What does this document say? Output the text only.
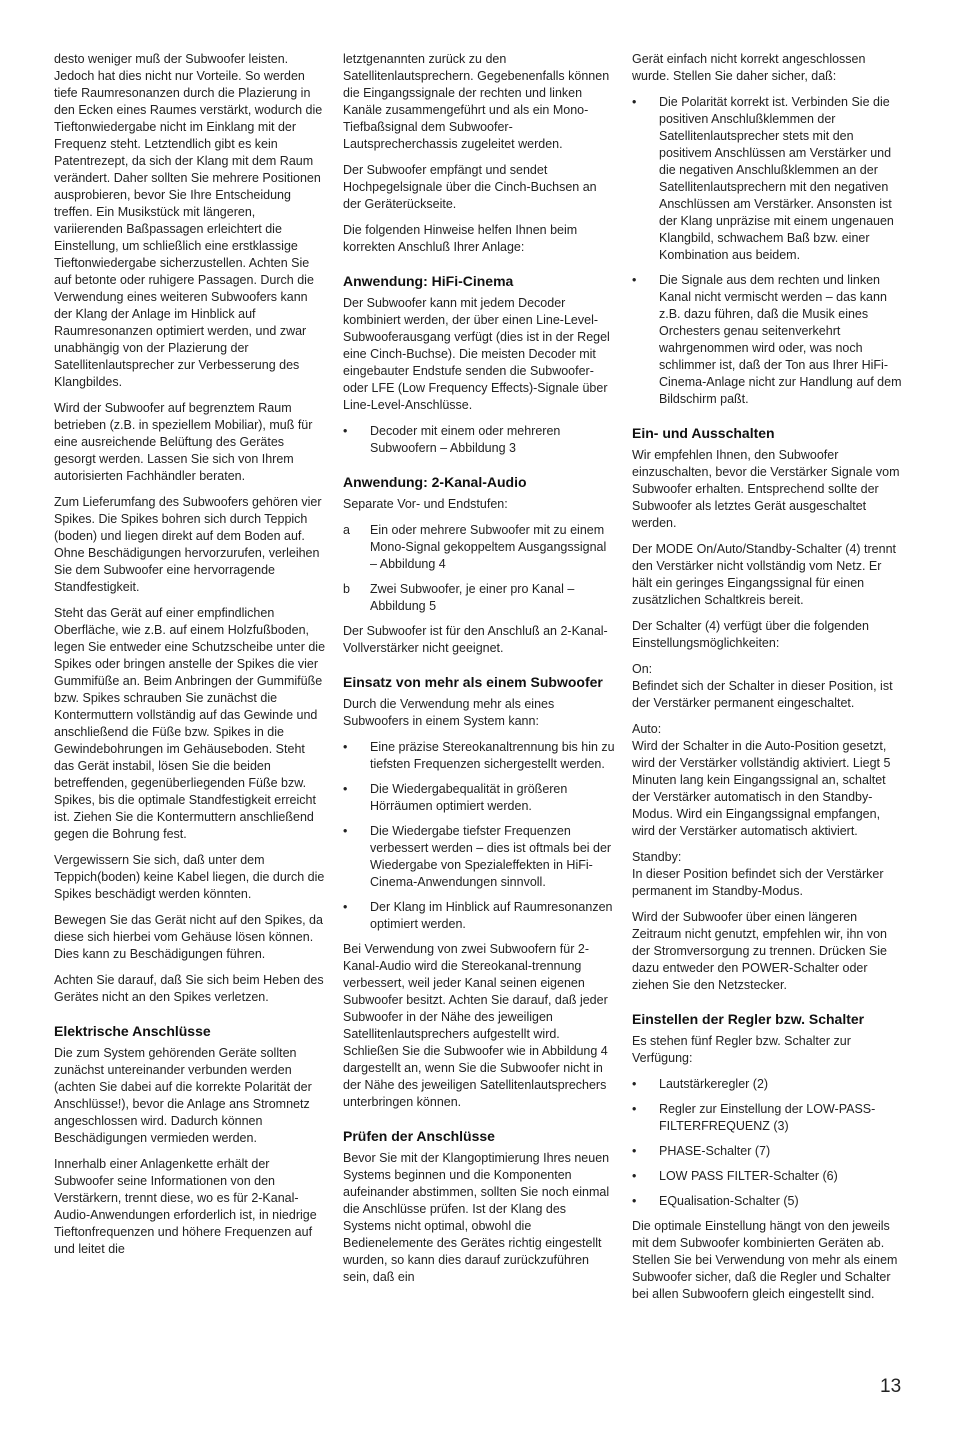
desto weniger muß der Subwoofer leisten. Jedoch hat dies nicht nur Vorteile. So werden tiefe Raumresonanzen durch die Plazierung in den Ecken eines Raumes verstärkt, wodurch die Tieftonwiedergabe nicht im Einklang mit der Frequenz steht. Letztendlich gibt es kein Patentrezept, da sich der Klang mit dem Raum verändert. Daher sollten Sie mehrere Positionen ausprobieren, bevor Sie Ihre Entscheidung treffen. Ein Musikstück mit längeren, variierenden Baßpassagen erleichtert die Einstellung, um schließlich eine erstklassige Tieftonwiedergabe sicherzustellen. Achten Sie auf betonte oder ruhigere Passagen. Durch die Verwendung eines weiteren Subwoofers kann der Klang der Anlage im Hinblick auf Raumresonanzen optimiert werden, und zwar unabhängig von der Plazierung der Satellitenlautsprecher zur Verbesserung des Klangbildes.

Wird der Subwoofer auf begrenztem Raum betrieben (z.B. in speziellem Mobiliar), muß für eine ausreichende Belüftung des Gerätes gesorgt werden. Lassen Sie sich von Ihrem autorisierten Fachhändler beraten.

Zum Lieferumfang des Subwoofers gehören vier Spikes. Die Spikes bohren sich durch Teppich (boden) und liegen direkt auf dem Boden auf. Ohne Beschädigungen hervorzurufen, verleihen Sie dem Subwoofer eine hervorragende Standfestigkeit.

Steht das Gerät auf einer empfindlichen Oberfläche, wie z.B. auf einem Holzfußboden, legen Sie entweder eine Schutzscheibe unter die Spikes oder bringen anstelle der Spikes die vier Gummifüße an. Beim Anbringen der Gummifüße bzw. Spikes schrauben Sie zunächst die Kontermuttern vollständig auf das Gewinde und anschließend die Füße bzw. Spikes in die Gewindebohrungen im Gehäuseboden. Steht das Gerät instabil, lösen Sie die beiden betreffenden, gegenüberliegenden Füße bzw. Spikes, bis die optimale Standfestigkeit erreicht ist. Ziehen Sie die Kontermuttern anschließend gegen die Bohrung fest.

Vergewissern Sie sich, daß unter dem Teppich(boden) keine Kabel liegen, die durch die Spikes beschädigt werden könnten.

Bewegen Sie das Gerät nicht auf den Spikes, da diese sich hierbei vom Gehäuse lösen können. Dies kann zu Beschädigungen führen.

Achten Sie darauf, daß Sie sich beim Heben des Gerätes nicht an den Spikes verletzen.

Elektrische Anschlüsse

Die zum System gehörenden Geräte sollten zunächst untereinander verbunden werden (achten Sie dabei auf die korrekte Polarität der Anschlüsse!), bevor die Anlage ans Stromnetz angeschlossen wird. Dadurch können Beschädigungen vermieden werden.

Innerhalb einer Anlagenkette erhält der Subwoofer seine Informationen von den Verstärkern, trennt diese, wo es für 2-Kanal-Audio-Anwendungen erforderlich ist, in niedrige Tieftonfrequenzen und höhere Frequenzen auf und leitet die

letztgenannten zurück zu den Satellitenlautsprechern. Gegebenenfalls können die Eingangssignale der rechten und linken Kanäle zusammengeführt und als ein Mono-Tiefbaßsignal dem Subwoofer-Lautsprecherchassis zugeleitet werden.

Der Subwoofer empfängt und sendet Hochpegelsignale über die Cinch-Buchsen an der Geräterückseite.

Die folgenden Hinweise helfen Ihnen beim korrekten Anschluß Ihrer Anlage:

Anwendung: HiFi-Cinema

Der Subwoofer kann mit jedem Decoder kombiniert werden, der über einen Line-Level-Subwooferausgang verfügt (dies ist in der Regel eine Cinch-Buchse). Die meisten Decoder mit eingebauter Endstufe senden die Subwoofer- oder LFE (Low Frequency Effects)-Signale über Line-Level-Anschlüsse.

• Decoder mit einem oder mehreren Subwoofern – Abbildung 3
Anwendung: 2-Kanal-Audio

Separate Vor- und Endstufen:

a Ein oder mehrere Subwoofer mit zu einem Mono-Signal gekoppeltem Ausgangssignal – Abbildung 4
b Zwei Subwoofer, je einer pro Kanal – Abbildung 5

Der Subwoofer ist für den Anschluß an 2-Kanal-Vollverstärker nicht geeignet.

Einsatz von mehr als einem Subwoofer

Durch die Verwendung mehr als eines Subwoofers in einem System kann:

• Eine präzise Stereokanaltrennung bis hin zu tiefsten Frequenzen sichergestellt werden.
• Die Wiedergabequalität in größeren Hörräumen optimiert werden.
• Die Wiedergabe tiefster Frequenzen verbessert werden – dies ist oftmals bei der Wiedergabe von Spezialeffekten in HiFi-Cinema-Anwendungen sinnvoll.
• Der Klang im Hinblick auf Raumresonanzen optimiert werden.

Bei Verwendung von zwei Subwoofern für 2-Kanal-Audio wird die Stereokanal-trennung verbessert, weil jeder Kanal seinen eigenen Subwoofer besitzt. Achten Sie darauf, daß jeder Subwoofer in der Nähe des jeweiligen Satellitenlautsprechers aufgestellt wird. Schließen Sie die Subwoofer wie in Abbildung 4 dargestellt an, wenn Sie die Subwoofer nicht in der Nähe des jeweiligen Satellitenlautsprechers unterbringen können.

Prüfen der Anschlüsse

Bevor Sie mit der Klangoptimierung Ihres neuen Systems beginnen und die Komponenten aufeinander abstimmen, sollten Sie noch einmal die Anschlüsse prüfen. Ist der Klang des Systems nicht optimal, obwohl die Bedienelemente des Gerätes richtig eingestellt wurden, so kann dies darauf zurückzuführen sein, daß ein

Gerät einfach nicht korrekt angeschlossen wurde. Stellen Sie daher sicher, daß:

• Die Polarität korrekt ist. Verbinden Sie die positiven Anschlußklemmen der Satellitenlautsprecher stets mit den positivem Anschlüssen am Verstärker und die negativen Anschlußklemmen an der Satellitenlautsprechern mit den negativen Anschlüssen am Verstärker. Ansonsten ist der Klang unpräzise mit einem ungenauen Klangbild, schwachem Baß bzw. einer Kombination aus beidem.
• Die Signale aus dem rechten und linken Kanal nicht vermischt werden – das kann z.B. dazu führen, daß die Musik eines Orchesters genau seitenverkehrt wahrgenommen wird oder, was noch schlimmer ist, daß der Ton aus Ihrer HiFi-Cinema-Anlage nicht zur Handlung auf dem Bildschirm paßt.
Ein- und Ausschalten

Wir empfehlen Ihnen, den Subwoofer einzuschalten, bevor die Verstärker Signale vom Subwoofer erhalten. Entsprechend sollte der Subwoofer als letztes Gerät ausgeschaltet werden.

Der MODE On/Auto/Standby-Schalter (4) trennt den Verstärker nicht vollständig vom Netz. Er hält ein geringes Eingangssignal für einen zusätzlichen Schaltkreis bereit.

Der Schalter (4) verfügt über die folgenden Einstellungsmöglichkeiten:

On:
Befindet sich der Schalter in dieser Position, ist der Verstärker permanent eingeschaltet.

Auto:
Wird der Schalter in die Auto-Position gesetzt, wird der Verstärker vollständig aktiviert. Liegt 5 Minuten lang kein Eingangssignal an, schaltet der Verstärker automatisch in den Standby-Modus. Wird ein Eingangssignal empfangen, wird der Verstärker automatisch aktiviert.

Standby:
In dieser Position befindet sich der Verstärker permanent im Standby-Modus.

Wird der Subwoofer über einen längeren Zeitraum nicht genutzt, empfehlen wir, ihn von der Stromversorgung zu trennen. Drücken Sie dazu entweder den POWER-Schalter oder ziehen Sie den Netzstecker.

Einstellen der Regler bzw. Schalter

Es stehen fünf Regler bzw. Schalter zur Verfügung:

• Lautstärkeregler (2)
• Regler zur Einstellung der LOW-PASS-FILTERFREQUENZ (3)
• PHASE-Schalter (7)
• LOW PASS FILTER-Schalter (6)
• EQualisation-Schalter (5)

Die optimale Einstellung hängt von den jeweils mit dem Subwoofer kombinierten Geräten ab. Stellen Sie bei Verwendung von mehr als einem Subwoofer sicher, daß die Regler und Schalter bei allen Subwoofern gleich eingestellt sind.

13
